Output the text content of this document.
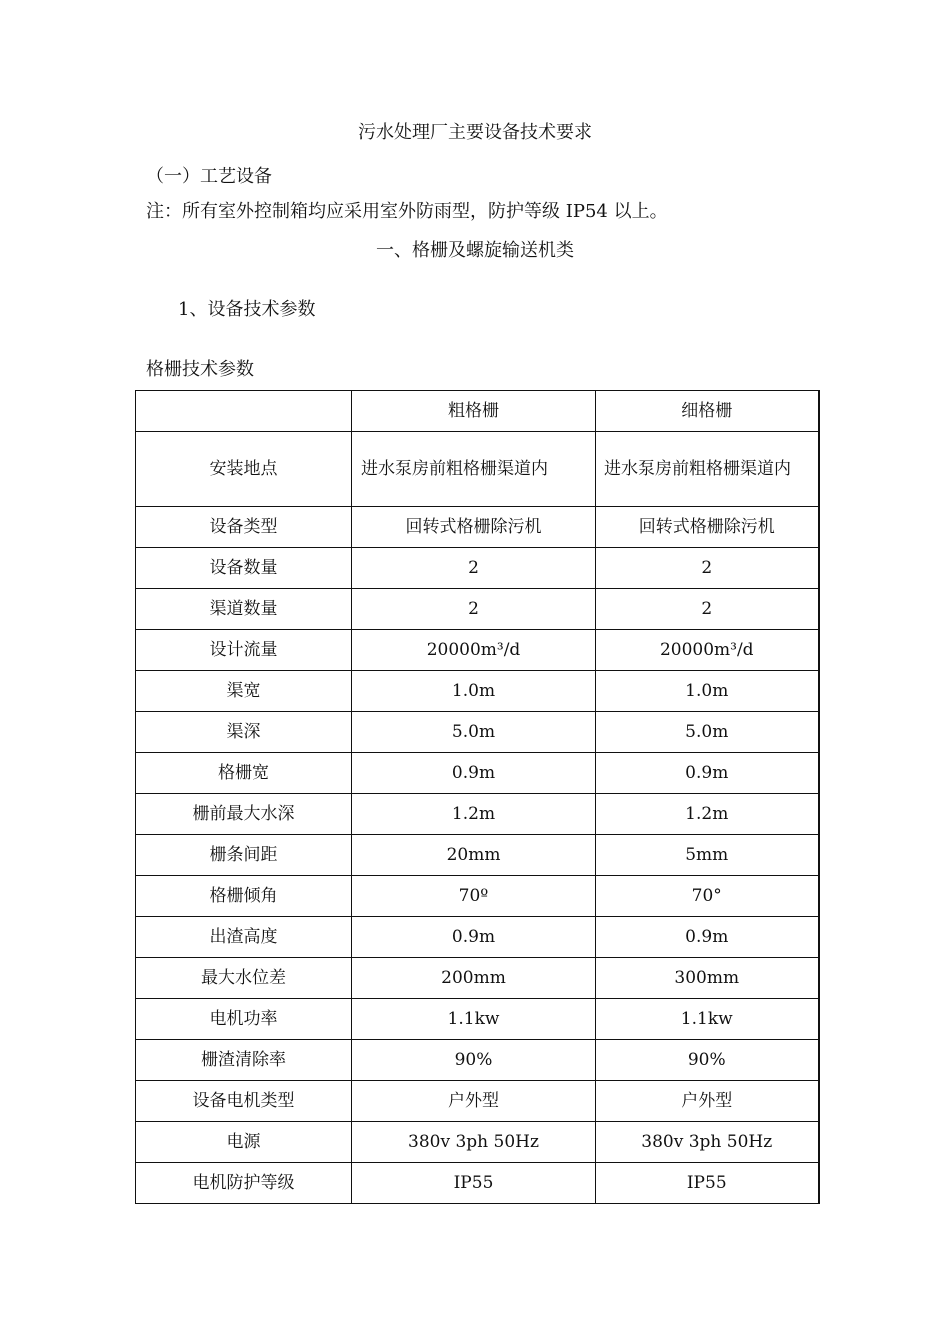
污水处理厂主要设备技术要求
（一）工艺设备
注：所有室外控制箱均应采用室外防雨型，防护等级 IP54 以上。
一、格栅及螺旋输送机类
1、设备技术参数
格栅技术参数
	粗格栅	细格栅
安装地点	进水泵房前粗格栅渠道内	进水泵房前粗格栅渠道内
设备类型	回转式格栅除污机	回转式格栅除污机
设备数量	2	2
渠道数量	2	2
设计流量	20000m³/d	20000m³/d
渠宽	1.0m	1.0m
渠深	5.0m	5.0m
格栅宽	0.9m	0.9m
栅前最大水深	1.2m	1.2m
栅条间距	20mm	5mm
格栅倾角	70º	70°
出渣高度	0.9m	0.9m
最大水位差	200mm	300mm
电机功率	1.1kw	1.1kw
栅渣清除率	90%	90%
设备电机类型	户外型	户外型
电源	380v 3ph 50Hz	380v 3ph 50Hz
电机防护等级	IP55	IP55
